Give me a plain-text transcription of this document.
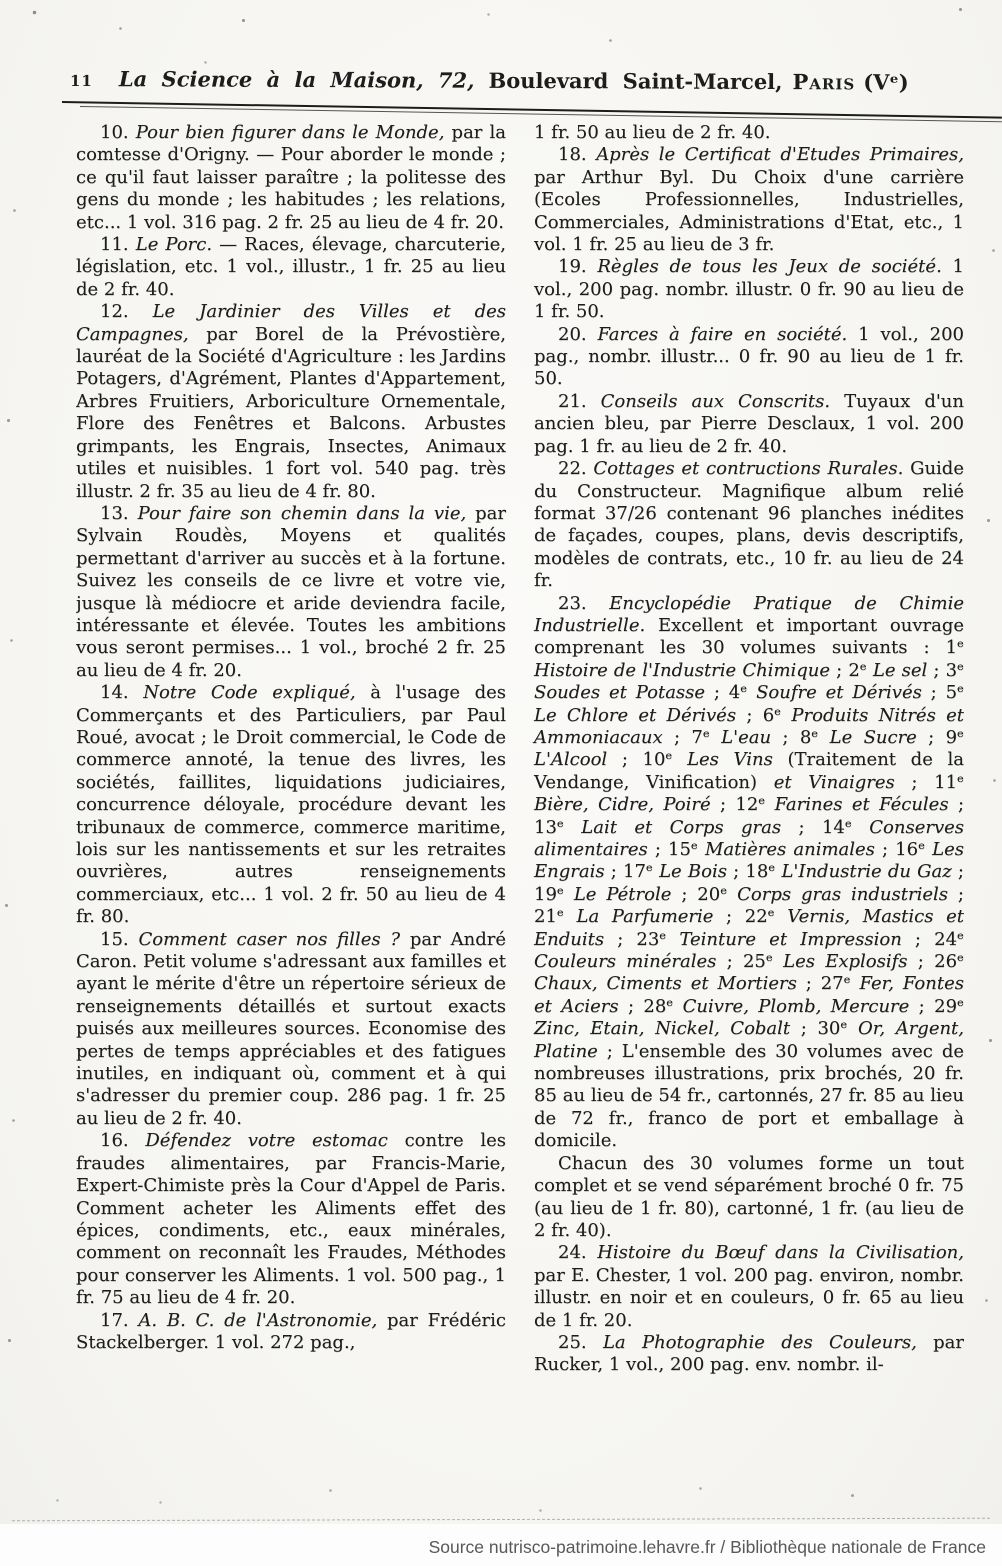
11 La Science à la Maison, 72, Boulevard Saint-Marcel, Paris (Vᵉ)

10. Pour bien figurer dans le Monde, par la comtesse d'Origny. — Pour aborder le monde ; ce qu'il faut laisser paraître ; la politesse des gens du monde ; les habitudes ; les relations, etc... 1 vol. 316 pag. 2 fr. 25 au lieu de 4 fr. 20.

11. Le Porc. — Races, élevage, charcuterie, législation, etc. 1 vol., illustr., 1 fr. 25 au lieu de 2 fr. 40.

12. Le Jardinier des Villes et des Campagnes, par Borel de la Prévostière, lauréat de la Société d'Agriculture : les Jardins Potagers, d'Agrément, Plantes d'Appartement, Arbres Fruitiers, Arboriculture Ornementale, Flore des Fenêtres et Balcons. Arbustes grimpants, les Engrais, Insectes, Animaux utiles et nuisibles. 1 fort vol. 540 pag. très illustr. 2 fr. 35 au lieu de 4 fr. 80.

13. Pour faire son chemin dans la vie, par Sylvain Roudès, Moyens et qualités permettant d'arriver au succès et à la fortune. Suivez les conseils de ce livre et votre vie, jusque là médiocre et aride deviendra facile, intéressante et élevée. Toutes les ambitions vous seront permises... 1 vol., broché 2 fr. 25 au lieu de 4 fr. 20.

14. Notre Code expliqué, à l'usage des Commerçants et des Particuliers, par Paul Roué, avocat ; le Droit commercial, le Code de commerce annoté, la tenue des livres, les sociétés, faillites, liquidations judiciaires, concurrence déloyale, procédure devant les tribunaux de commerce, commerce maritime, lois sur les nantissements et sur les retraites ouvrières, autres renseignements commerciaux, etc... 1 vol. 2 fr. 50 au lieu de 4 fr. 80.

15. Comment caser nos filles ? par André Caron. Petit volume s'adressant aux familles et ayant le mérite d'être un répertoire sérieux de renseignements détaillés et surtout exacts puisés aux meilleures sources. Economise des pertes de temps appréciables et des fatigues inutiles, en indiquant où, comment et à qui s'adresser du premier coup. 286 pag. 1 fr. 25 au lieu de 2 fr. 40.

16. Défendez votre estomac contre les fraudes alimentaires, par Francis-Marie, Expert-Chimiste près la Cour d'Appel de Paris. Comment acheter les Aliments effet des épices, condiments, etc., eaux minérales, comment on reconnaît les Fraudes, Méthodes pour conserver les Aliments. 1 vol. 500 pag., 1 fr. 75 au lieu de 4 fr. 20.

17. A. B. C. de l'Astronomie, par Frédéric Stackelberger. 1 vol. 272 pag.,

1 fr. 50 au lieu de 2 fr. 40.

18. Après le Certificat d'Etudes Primaires, par Arthur Byl. Du Choix d'une carrière (Ecoles Professionnelles, Industrielles, Commerciales, Administrations d'Etat, etc., 1 vol. 1 fr. 25 au lieu de 3 fr.

19. Règles de tous les Jeux de société. 1 vol., 200 pag. nombr. illustr. 0 fr. 90 au lieu de 1 fr. 50.

20. Farces à faire en société. 1 vol., 200 pag., nombr. illustr... 0 fr. 90 au lieu de 1 fr. 50.

21. Conseils aux Conscrits. Tuyaux d'un ancien bleu, par Pierre Desclaux, 1 vol. 200 pag. 1 fr. au lieu de 2 fr. 40.

22. Cottages et contructions Rurales. Guide du Constructeur. Magnifique album relié format 37/26 contenant 96 planches inédites de façades, coupes, plans, devis descriptifs, modèles de contrats, etc., 10 fr. au lieu de 24 fr.

23. Encyclopédie Pratique de Chimie Industrielle. Excellent et important ouvrage comprenant les 30 volumes suivants : 1ᵉ Histoire de l'Industrie Chimique ; 2ᵉ Le sel ; 3ᵉ Soudes et Potasse ; 4ᵉ Soufre et Dérivés ; 5ᵉ Le Chlore et Dérivés ; 6ᵉ Produits Nitrés et Ammoniacaux ; 7ᵉ L'eau ; 8ᵉ Le Sucre ; 9ᵉ L'Alcool ; 10ᵉ Les Vins (Traitement de la Vendange, Vinification) et Vinaigres ; 11ᵉ Bière, Cidre, Poiré ; 12ᵉ Farines et Fécules ; 13ᵉ Lait et Corps gras ; 14ᵉ Conserves alimentaires ; 15ᵉ Matières animales ; 16ᵉ Les Engrais ; 17ᵉ Le Bois ; 18ᵉ L'Industrie du Gaz ; 19ᵉ Le Pétrole ; 20ᵉ Corps gras industriels ; 21ᵉ La Parfumerie ; 22ᵉ Vernis, Mastics et Enduits ; 23ᵉ Teinture et Impression ; 24ᵉ Couleurs minérales ; 25ᵉ Les Explosifs ; 26ᵉ Chaux, Ciments et Mortiers ; 27ᵉ Fer, Fontes et Aciers ; 28ᵉ Cuivre, Plomb, Mercure ; 29ᵉ Zinc, Etain, Nickel, Cobalt ; 30ᵉ Or, Argent, Platine ; L'ensemble des 30 volumes avec de nombreuses illustrations, prix brochés, 20 fr. 85 au lieu de 54 fr., cartonnés, 27 fr. 85 au lieu de 72 fr., franco de port et emballage à domicile.

Chacun des 30 volumes forme un tout complet et se vend séparément broché 0 fr. 75 (au lieu de 1 fr. 80), cartonné, 1 fr. (au lieu de 2 fr. 40).

24. Histoire du Bœuf dans la Civilisation, par E. Chester, 1 vol. 200 pag. environ, nombr. illustr. en noir et en couleurs, 0 fr. 65 au lieu de 1 fr. 20.

25. La Photographie des Couleurs, par Rucker, 1 vol., 200 pag. env. nombr. il-

Source nutrisco-patrimoine.lehavre.fr / Bibliothèque nationale de France
